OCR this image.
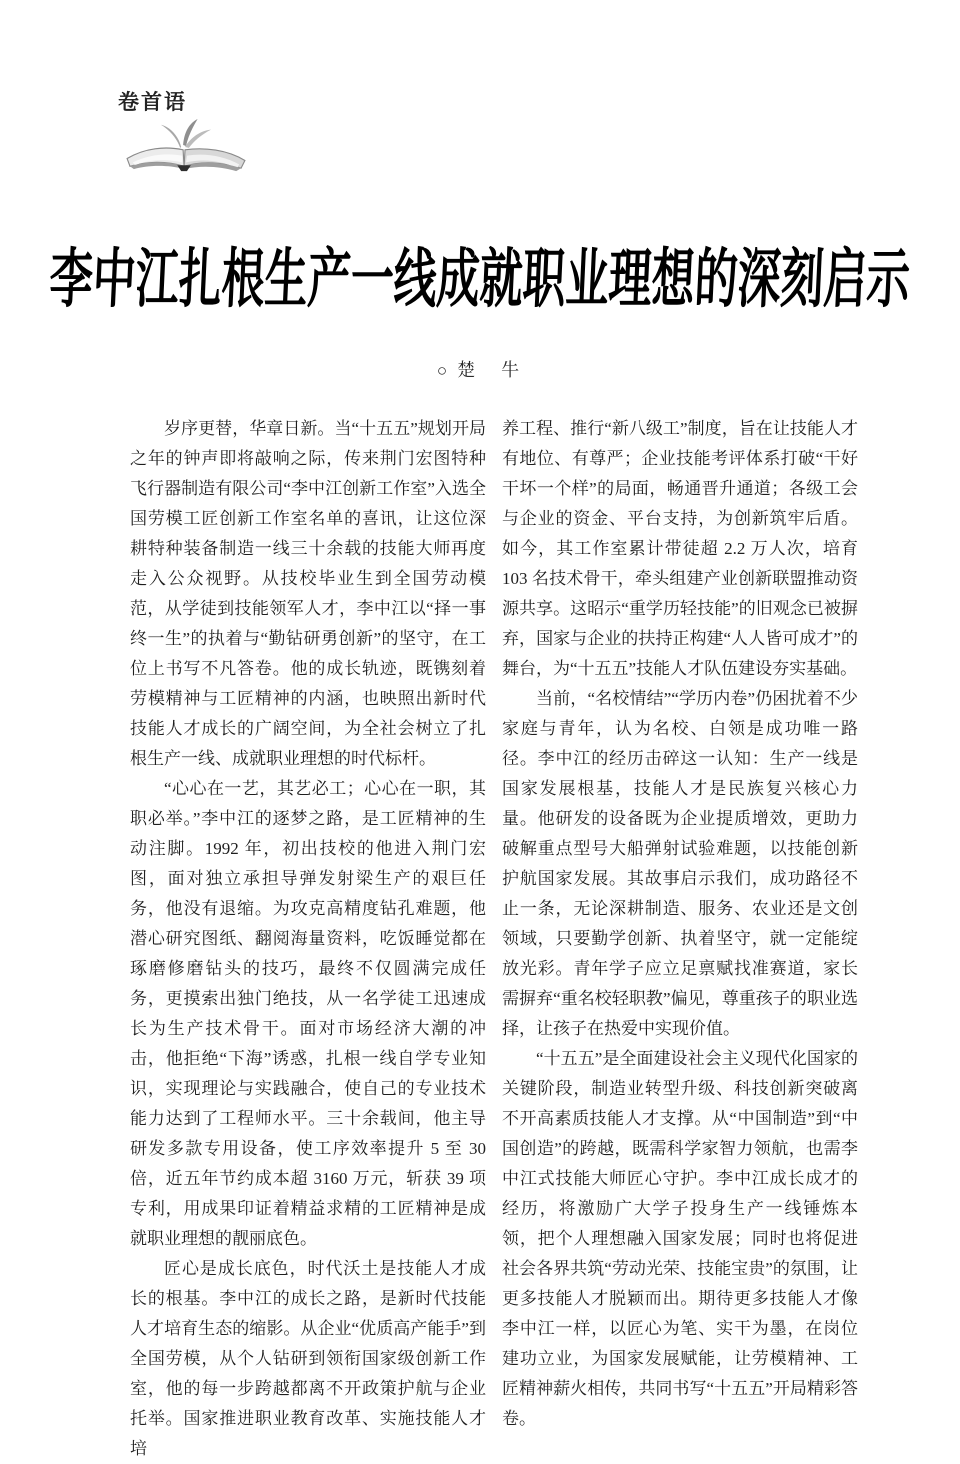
卷首语
李中江扎根生产一线成就职业理想的深刻启示
○ 楚　牛

岁序更替，华章日新。当“十五五”规划开局之年的钟声即将敲响之际，传来荆门宏图特种飞行器制造有限公司“李中江创新工作室”入选全国劳模工匠创新工作室名单的喜讯，让这位深耕特种装备制造一线三十余载的技能大师再度走入公众视野。从技校毕业生到全国劳动模范，从学徒到技能领军人才，李中江以“择一事终一生”的执着与“勤钻研勇创新”的坚守，在工位上书写不凡答卷。他的成长轨迹，既镌刻着劳模精神与工匠精神的内涵，也映照出新时代技能人才成长的广阔空间，为全社会树立了扎根生产一线、成就职业理想的时代标杆。

“心心在一艺，其艺必工；心心在一职，其职必举。”李中江的逐梦之路，是工匠精神的生动注脚。1992 年，初出技校的他进入荆门宏图，面对独立承担导弹发射梁生产的艰巨任务，他没有退缩。为攻克高精度钻孔难题，他潜心研究图纸、翻阅海量资料，吃饭睡觉都在琢磨修磨钻头的技巧，最终不仅圆满完成任务，更摸索出独门绝技，从一名学徒工迅速成长为生产技术骨干。面对市场经济大潮的冲击，他拒绝“下海”诱惑，扎根一线自学专业知识，实现理论与实践融合，使自己的专业技术能力达到了工程师水平。三十余载间，他主导研发多款专用设备，使工序效率提升 5 至 30 倍，近五年节约成本超 3160 万元，斩获 39 项专利，用成果印证着精益求精的工匠精神是成就职业理想的靓丽底色。

匠心是成长底色，时代沃土是技能人才成长的根基。李中江的成长之路，是新时代技能人才培育生态的缩影。从企业“优质高产能手”到全国劳模，从个人钻研到领衔国家级创新工作室，他的每一步跨越都离不开政策护航与企业托举。国家推进职业教育改革、实施技能人才培

养工程、推行“新八级工”制度，旨在让技能人才有地位、有尊严；企业技能考评体系打破“干好干坏一个样”的局面，畅通晋升通道；各级工会与企业的资金、平台支持，为创新筑牢后盾。如今，其工作室累计带徒超 2.2 万人次，培育 103 名技术骨干，牵头组建产业创新联盟推动资源共享。这昭示“重学历轻技能”的旧观念已被摒弃，国家与企业的扶持正构建“人人皆可成才”的舞台，为“十五五”技能人才队伍建设夯实基础。

当前，“名校情结”“学历内卷”仍困扰着不少家庭与青年，认为名校、白领是成功唯一路径。李中江的经历击碎这一认知：生产一线是国家发展根基，技能人才是民族复兴核心力量。他研发的设备既为企业提质增效，更助力破解重点型号大船弹射试验难题，以技能创新护航国家发展。其故事启示我们，成功路径不止一条，无论深耕制造、服务、农业还是文创领域，只要勤学创新、执着坚守，就一定能绽放光彩。青年学子应立足禀赋找准赛道，家长需摒弃“重名校轻职教”偏见，尊重孩子的职业选择，让孩子在热爱中实现价值。

“十五五”是全面建设社会主义现代化国家的关键阶段，制造业转型升级、科技创新突破离不开高素质技能人才支撑。从“中国制造”到“中国创造”的跨越，既需科学家智力领航，也需李中江式技能大师匠心守护。李中江成长成才的经历，将激励广大学子投身生产一线锤炼本领，把个人理想融入国家发展；同时也将促进社会各界共筑“劳动光荣、技能宝贵”的氛围，让更多技能人才脱颖而出。期待更多技能人才像李中江一样，以匠心为笔、实干为墨，在岗位建功立业，为国家发展赋能，让劳模精神、工匠精神薪火相传，共同书写“十五五”开局精彩答卷。
